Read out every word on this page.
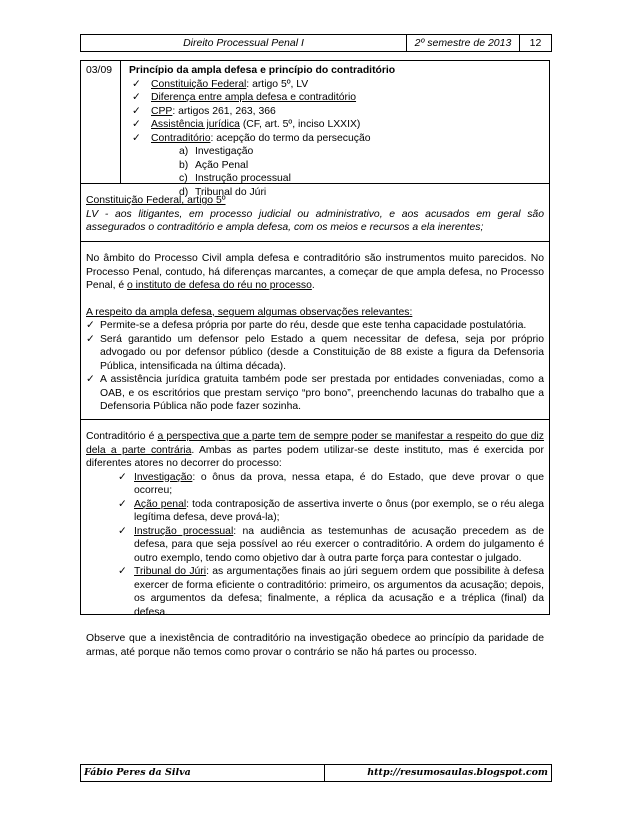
Direito Processual Penal I	2º semestre de 2013	12
03/09	Princípio da ampla defesa e princípio do contraditório
✓ Constituição Federal: artigo 5º, LV
✓ Diferença entre ampla defesa e contraditório
✓ CPP: artigos 261, 263, 366
✓ Assistência jurídica (CF, art. 5º, inciso LXXIX)
✓ Contraditório: acepção do termo da persecução
a) Investigação
b) Ação Penal
c) Instrução processual
d) Tribunal do Júri
Constituição Federal, artigo 5º
LV - aos litigantes, em processo judicial ou administrativo, e aos acusados em geral são assegurados o contraditório e ampla defesa, com os meios e recursos a ela inerentes;

No âmbito do Processo Civil ampla defesa e contraditório são instrumentos muito parecidos. No Processo Penal, contudo, há diferenças marcantes, a começar de que ampla defesa, no Processo Penal, é o instituto de defesa do réu no processo.

A respeito da ampla defesa, seguem algumas observações relevantes:
✓ Permite-se a defesa própria por parte do réu, desde que este tenha capacidade postulatória.
✓ Será garantido um defensor pelo Estado a quem necessitar de defesa, seja por próprio advogado ou por defensor público (desde a Constituição de 88 existe a figura da Defensoria Pública, intensificada na última década).
✓ A assistência jurídica gratuita também pode ser prestada por entidades conveniadas, como a OAB, e os escritórios que prestam serviço “pro bono”, preenchendo lacunas do trabalho que a Defensoria Pública não pode fazer sozinha.

Contraditório é a perspectiva que a parte tem de sempre poder se manifestar a respeito do que diz dela a parte contrária. Ambas as partes podem utilizar-se deste instituto, mas é exercida por diferentes atores no decorrer do processo:

✓ Investigação: o ônus da prova, nessa etapa, é do Estado, que deve provar o que ocorreu;
✓ Ação penal: toda contraposição de assertiva inverte o ônus (por exemplo, se o réu alega legítima defesa, deve prová-la);
✓ Instrução processual: na audiência as testemunhas de acusação precedem as de defesa, para que seja possível ao réu exercer o contraditório. A ordem do julgamento é outro exemplo, tendo como objetivo dar à outra parte força para contestar o julgado.
✓ Tribunal do Júri: as argumentações finais ao júri seguem ordem que possibilite à defesa exercer de forma eficiente o contraditório: primeiro, os argumentos da acusação; depois, os argumentos da defesa; finalmente, a réplica da acusação e a tréplica (final) da defesa.

Observe que a inexistência de contraditório na investigação obedece ao princípio da paridade de armas, até porque não temos como provar o contrário se não há partes ou processo.

Fábio Peres da Silva	http://resumosaulas.blogspot.com
